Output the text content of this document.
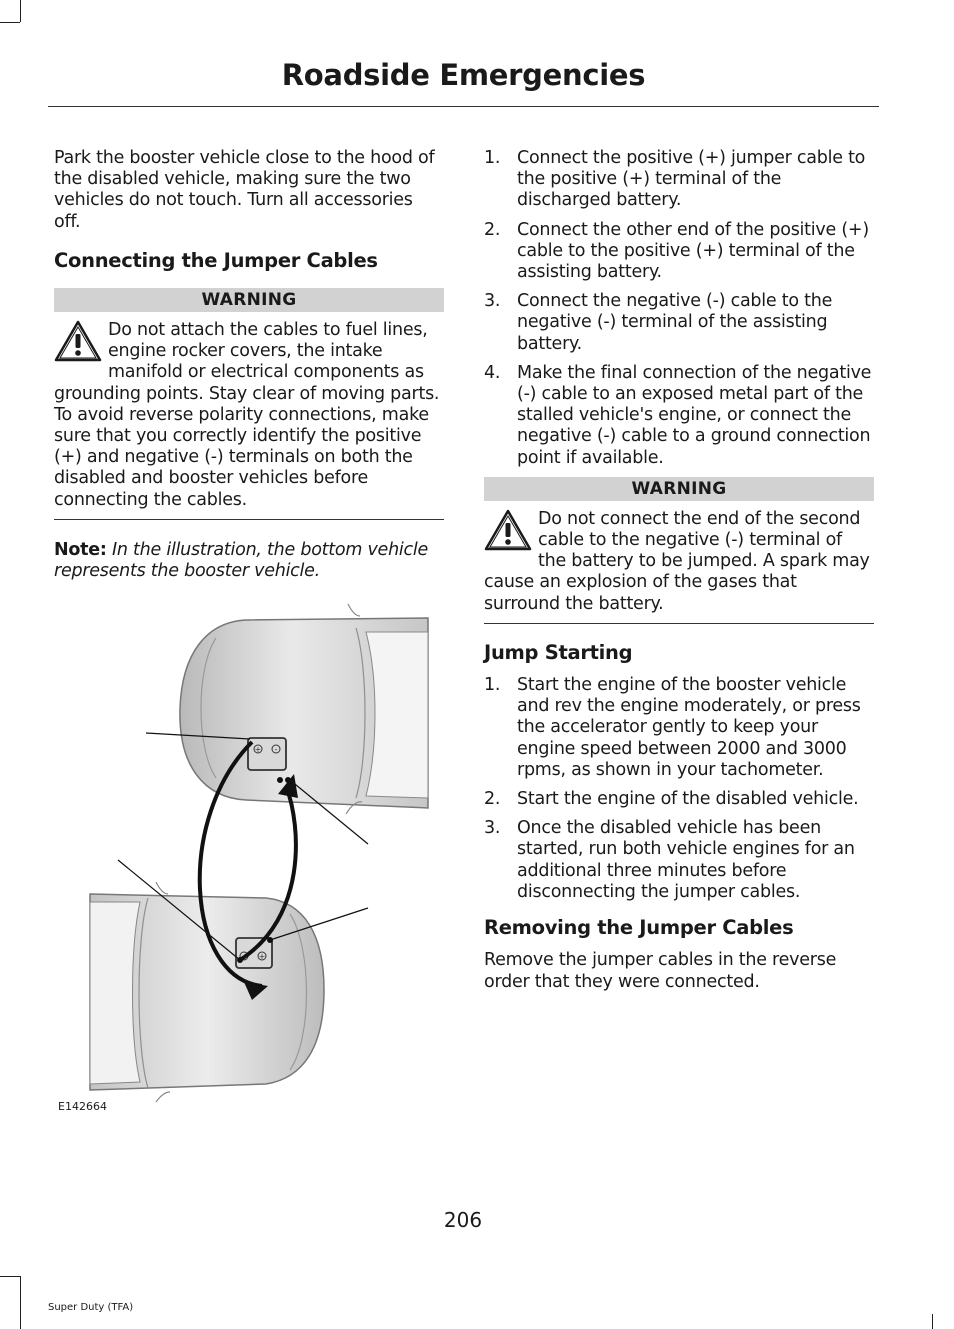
Roadside Emergencies

Park the booster vehicle close to the hood of the disabled vehicle, making sure the two vehicles do not touch. Turn all accessories off.

Connecting the Jumper Cables
WARNING

Do not attach the cables to fuel lines, engine rocker covers, the intake manifold or electrical components as grounding points. Stay clear of moving parts. To avoid reverse polarity connections, make sure that you correctly identify the positive (+) and negative (-) terminals on both the disabled and booster vehicles before connecting the cables.

Note: In the illustration, the bottom vehicle represents the booster vehicle.

+ -
- +
E142664
1. Connect the positive (+) jumper cable to the positive (+) terminal of the discharged battery.
2. Connect the other end of the positive (+) cable to the positive (+) terminal of the assisting battery.
3. Connect the negative (-) cable to the negative (-) terminal of the assisting battery.
4. Make the final connection of the negative (-) cable to an exposed metal part of the stalled vehicle's engine, or connect the negative (-) cable to a ground connection point if available.
WARNING

Do not connect the end of the second cable to the negative (-) terminal of the battery to be jumped. A spark may cause an explosion of the gases that surround the battery.

Jump Starting
1. Start the engine of the booster vehicle and rev the engine moderately, or press the accelerator gently to keep your engine speed between 2000 and 3000 rpms, as shown in your tachometer.
2. Start the engine of the disabled vehicle.
3. Once the disabled vehicle has been started, run both vehicle engines for an additional three minutes before disconnecting the jumper cables.
Removing the Jumper Cables

Remove the jumper cables in the reverse order that they were connected.

206
Super Duty (TFA)
